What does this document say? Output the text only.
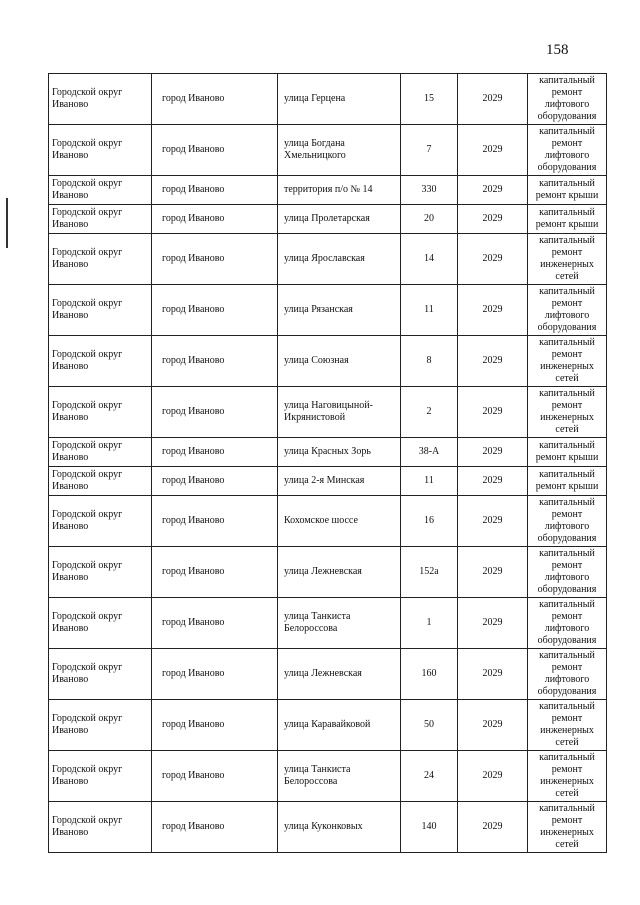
158
Городской округ Иваново	город Иваново	улица Герцена	15	2029	капитальный ремонт лифтового оборудования
Городской округ Иваново	город Иваново	улица Богдана Хмельницкого	7	2029	капитальный ремонт лифтового оборудования
Городской округ Иваново	город Иваново	территория п/о № 14	330	2029	капитальный ремонт крыши
Городской округ Иваново	город Иваново	улица Пролетарская	20	2029	капитальный ремонт крыши
Городской округ Иваново	город Иваново	улица Ярославская	14	2029	капитальный ремонт инженерных сетей
Городской округ Иваново	город Иваново	улица Рязанская	11	2029	капитальный ремонт лифтового оборудования
Городской округ Иваново	город Иваново	улица Союзная	8	2029	капитальный ремонт инженерных сетей
Городской округ Иваново	город Иваново	улица Наговицыной-Икрянистовой	2	2029	капитальный ремонт инженерных сетей
Городской округ Иваново	город Иваново	улица Красных Зорь	38-А	2029	капитальный ремонт крыши
Городской округ Иваново	город Иваново	улица 2-я Минская	11	2029	капитальный ремонт крыши
Городской округ Иваново	город Иваново	Кохомское шоссе	16	2029	капитальный ремонт лифтового оборудования
Городской округ Иваново	город Иваново	улица Лежневская	152а	2029	капитальный ремонт лифтового оборудования
Городской округ Иваново	город Иваново	улица Танкиста Белороссова	1	2029	капитальный ремонт лифтового оборудования
Городской округ Иваново	город Иваново	улица Лежневская	160	2029	капитальный ремонт лифтового оборудования
Городской округ Иваново	город Иваново	улица Каравайковой	50	2029	капитальный ремонт инженерных сетей
Городской округ Иваново	город Иваново	улица Танкиста Белороссова	24	2029	капитальный ремонт инженерных сетей
Городской округ Иваново	город Иваново	улица Куконковых	140	2029	капитальный ремонт инженерных сетей
